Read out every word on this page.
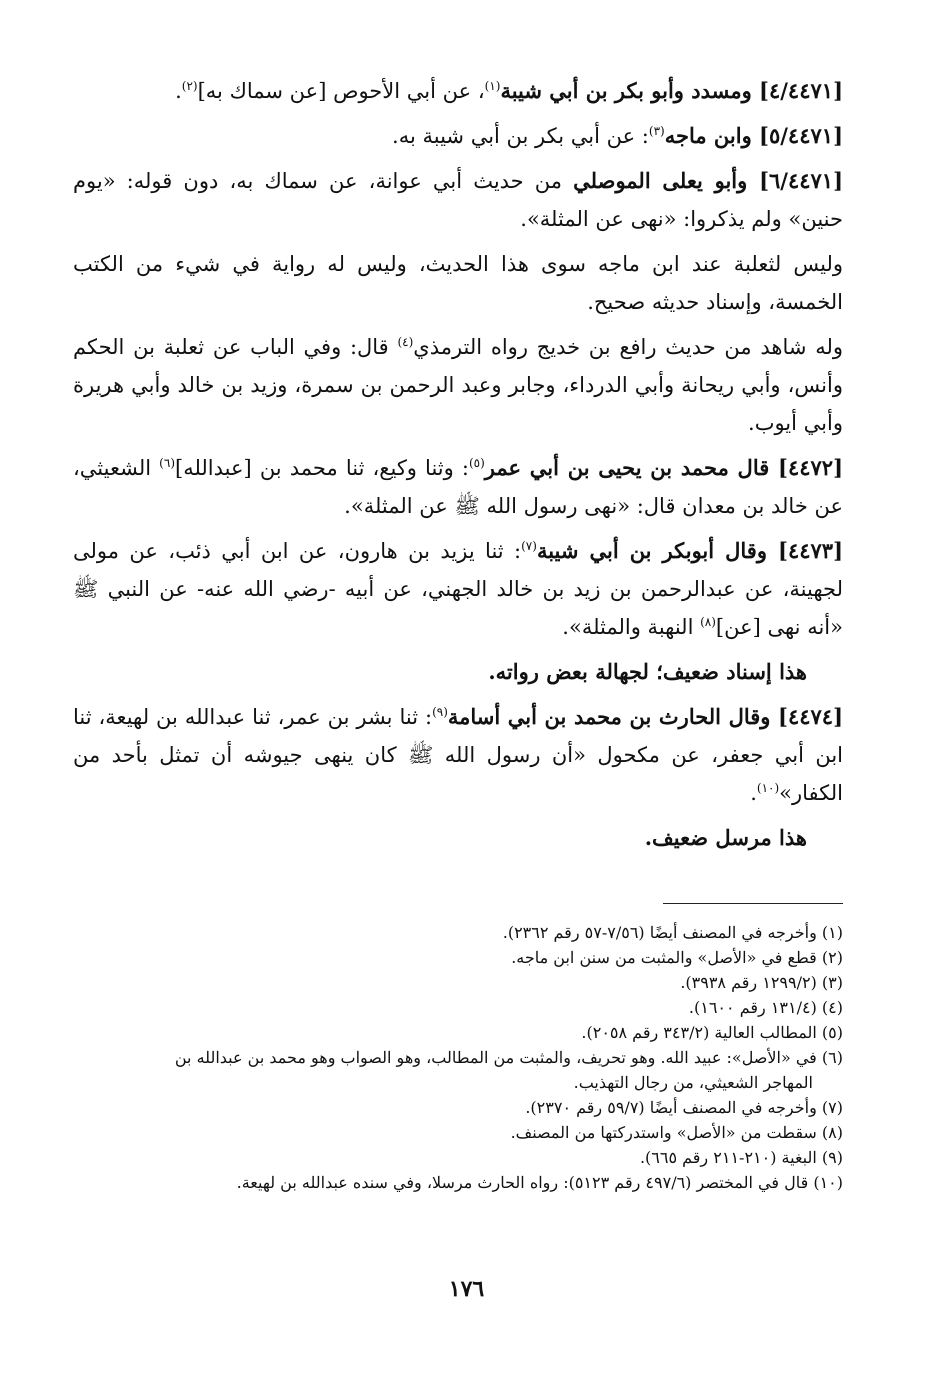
[٤/٤٤٧١] ومسدد وأبو بكر بن أبي شيبة$^{(١)}$، عن أبي الأحوص [عن سماك به]$^{(٢)}$.

[٥/٤٤٧١] وابن ماجه$^{(٣)}$: عن أبي بكر بن أبي شيبة به.

[٦/٤٤٧١] وأبو يعلى الموصلي من حديث أبي عوانة، عن سماك به، دون قوله: «يوم حنين» ولم يذكروا: «نهى عن المثلة».

وليس لثعلبة عند ابن ماجه سوى هذا الحديث، وليس له رواية في شيء من الكتب الخمسة، وإسناد حديثه صحيح.

وله شاهد من حديث رافع بن خديج رواه الترمذي$^{(٤)}$ قال: وفي الباب عن ثعلبة بن الحكم وأنس، وأبي ريحانة وأبي الدرداء، وجابر وعبد الرحمن بن سمرة، وزيد بن خالد وأبي هريرة وأبي أيوب.

[٤٤٧٢] قال محمد بن يحيى بن أبي عمر$^{(٥)}$: وثنا وكيع، ثنا محمد بن [عبدالله]$^{(٦)}$ الشعيثي، عن خالد بن معدان قال: «نهى رسول الله ﷺ عن المثلة».

[٤٤٧٣] وقال أبوبكر بن أبي شيبة$^{(٧)}$: ثنا يزيد بن هارون، عن ابن أبي ذئب، عن مولى لجهينة، عن عبدالرحمن بن زيد بن خالد الجهني، عن أبيه -رضي الله عنه- عن النبي ﷺ «أنه نهى [عن]$^{(٨)}$ النهبة والمثلة».

هذا إسناد ضعيف؛ لجهالة بعض رواته.

[٤٤٧٤] وقال الحارث بن محمد بن أبي أسامة$^{(٩)}$: ثنا بشر بن عمر، ثنا عبدالله بن لهيعة، ثنا ابن أبي جعفر، عن مكحول «أن رسول الله ﷺ كان ينهى جيوشه أن تمثل بأحد من الكفار»$^{(١٠)}$.

هذا مرسل ضعيف.

(١) وأخرجه في المصنف أيضًا (٧/٥٦-٥٧ رقم ٢٣٦٢).

(٢) قطع في «الأصل» والمثبت من سنن ابن ماجه.

(٣) (١٢٩٩/٢ رقم ٣٩٣٨).

(٤) (١٣١/٤ رقم ١٦٠٠).

(٥) المطالب العالية (٣٤٣/٢ رقم ٢٠٥٨).

(٦) في «الأصل»: عبيد الله. وهو تحريف، والمثبت من المطالب، وهو الصواب وهو محمد بن عبدالله بن

المهاجر الشعيثي، من رجال التهذيب.

(٧) وأخرجه في المصنف أيضًا (٥٩/٧ رقم ٢٣٧٠).

(٨) سقطت من «الأصل» واستدركتها من المصنف.

(٩) البغية (٢١٠-٢١١ رقم ٦٦٥).

(١٠) قال في المختصر (٤٩٧/٦ رقم ٥١٢٣): رواه الحارث مرسلا، وفي سنده عبدالله بن لهيعة.

١٧٦
